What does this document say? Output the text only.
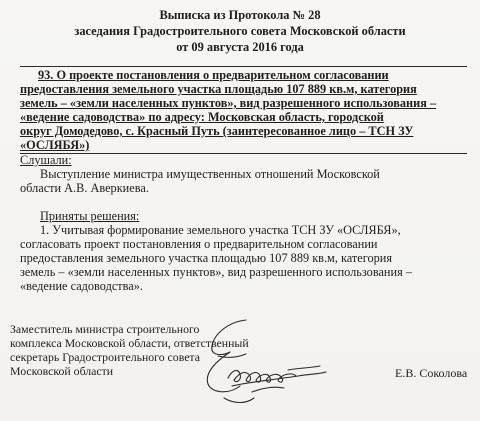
Выписка из Протокола № 28
заседания Градостроительного совета Московской области
от 09 августа 2016 года
93. О проекте постановления о предварительном согласовании
предоставления земельного участка площадью 107 889 кв.м, категория
земель – «земли населенных пунктов», вид разрешенного использования –
«ведение садоводства» по адресу: Московская область, городской
округ Домодедово, с. Красный Путь (заинтересованное лицо – ТСН ЗУ
«ОСЛЯБЯ»)
Слушали:
Выступление министра имущественных отношений Московской
области А.В. Аверкиева.
Приняты решения:
1. Учитывая формирование земельного участка ТСН ЗУ «ОСЛЯБЯ»,
согласовать проект постановления о предварительном согласовании
предоставления земельного участка площадью 107 889 кв.м, категория
земель – «земли населенных пунктов», вид разрешенного использования –
«ведение садоводства».
Заместитель министра строительного
комплекса Московской области, ответственный
секретарь Градостроительного совета
Московской области	Е.В. Соколова
